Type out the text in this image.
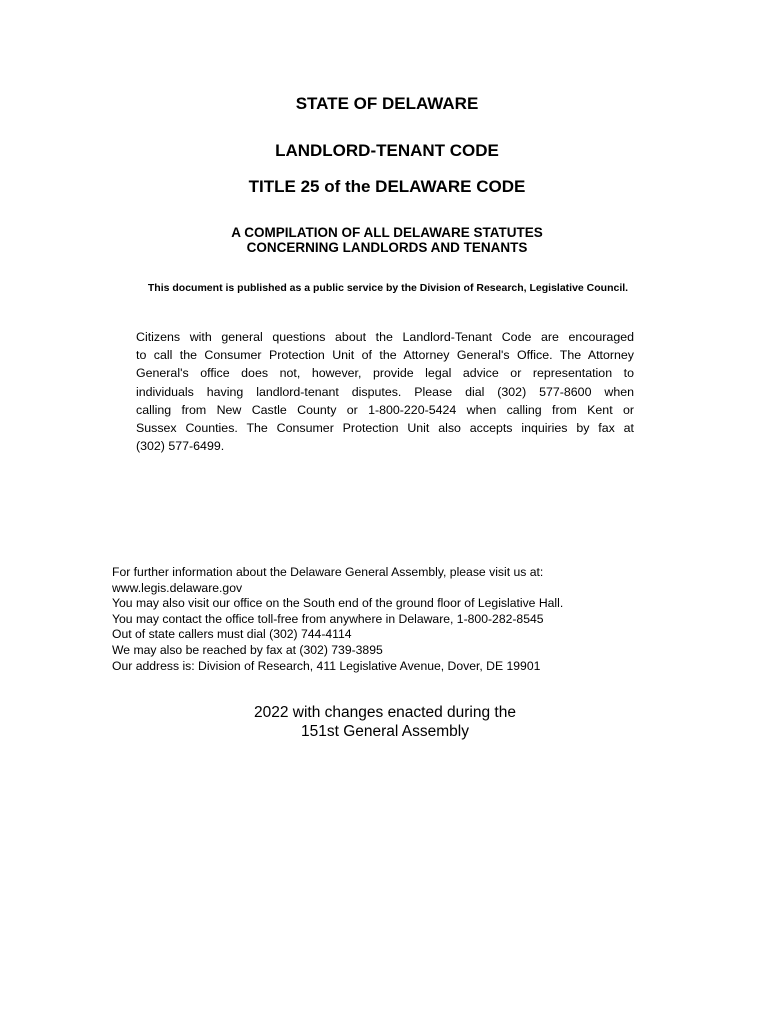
STATE OF DELAWARE
LANDLORD-TENANT CODE
TITLE 25 of the DELAWARE CODE
A COMPILATION OF ALL DELAWARE STATUTES
CONCERNING LANDLORDS AND TENANTS
This document is published as a public service by the Division of Research, Legislative Council.
Citizens with general questions about the Landlord-Tenant Code are encouraged
to call the Consumer Protection Unit of the Attorney General's Office. The Attorney
General's office does not, however, provide legal advice or representation to
individuals having landlord-tenant disputes. Please dial (302) 577-8600 when
calling from New Castle County or 1-800-220-5424 when calling from Kent or
Sussex Counties. The Consumer Protection Unit also accepts inquiries by fax at
(302) 577-6499.
For further information about the Delaware General Assembly, please visit us at:
www.legis.delaware.gov
You may also visit our office on the South end of the ground floor of Legislative Hall.
You may contact the office toll-free from anywhere in Delaware, 1-800-282-8545
Out of state callers must dial (302) 744-4114
We may also be reached by fax at (302) 739-3895
Our address is: Division of Research, 411 Legislative Avenue, Dover, DE 19901
2022 with changes enacted during the
151st General Assembly
